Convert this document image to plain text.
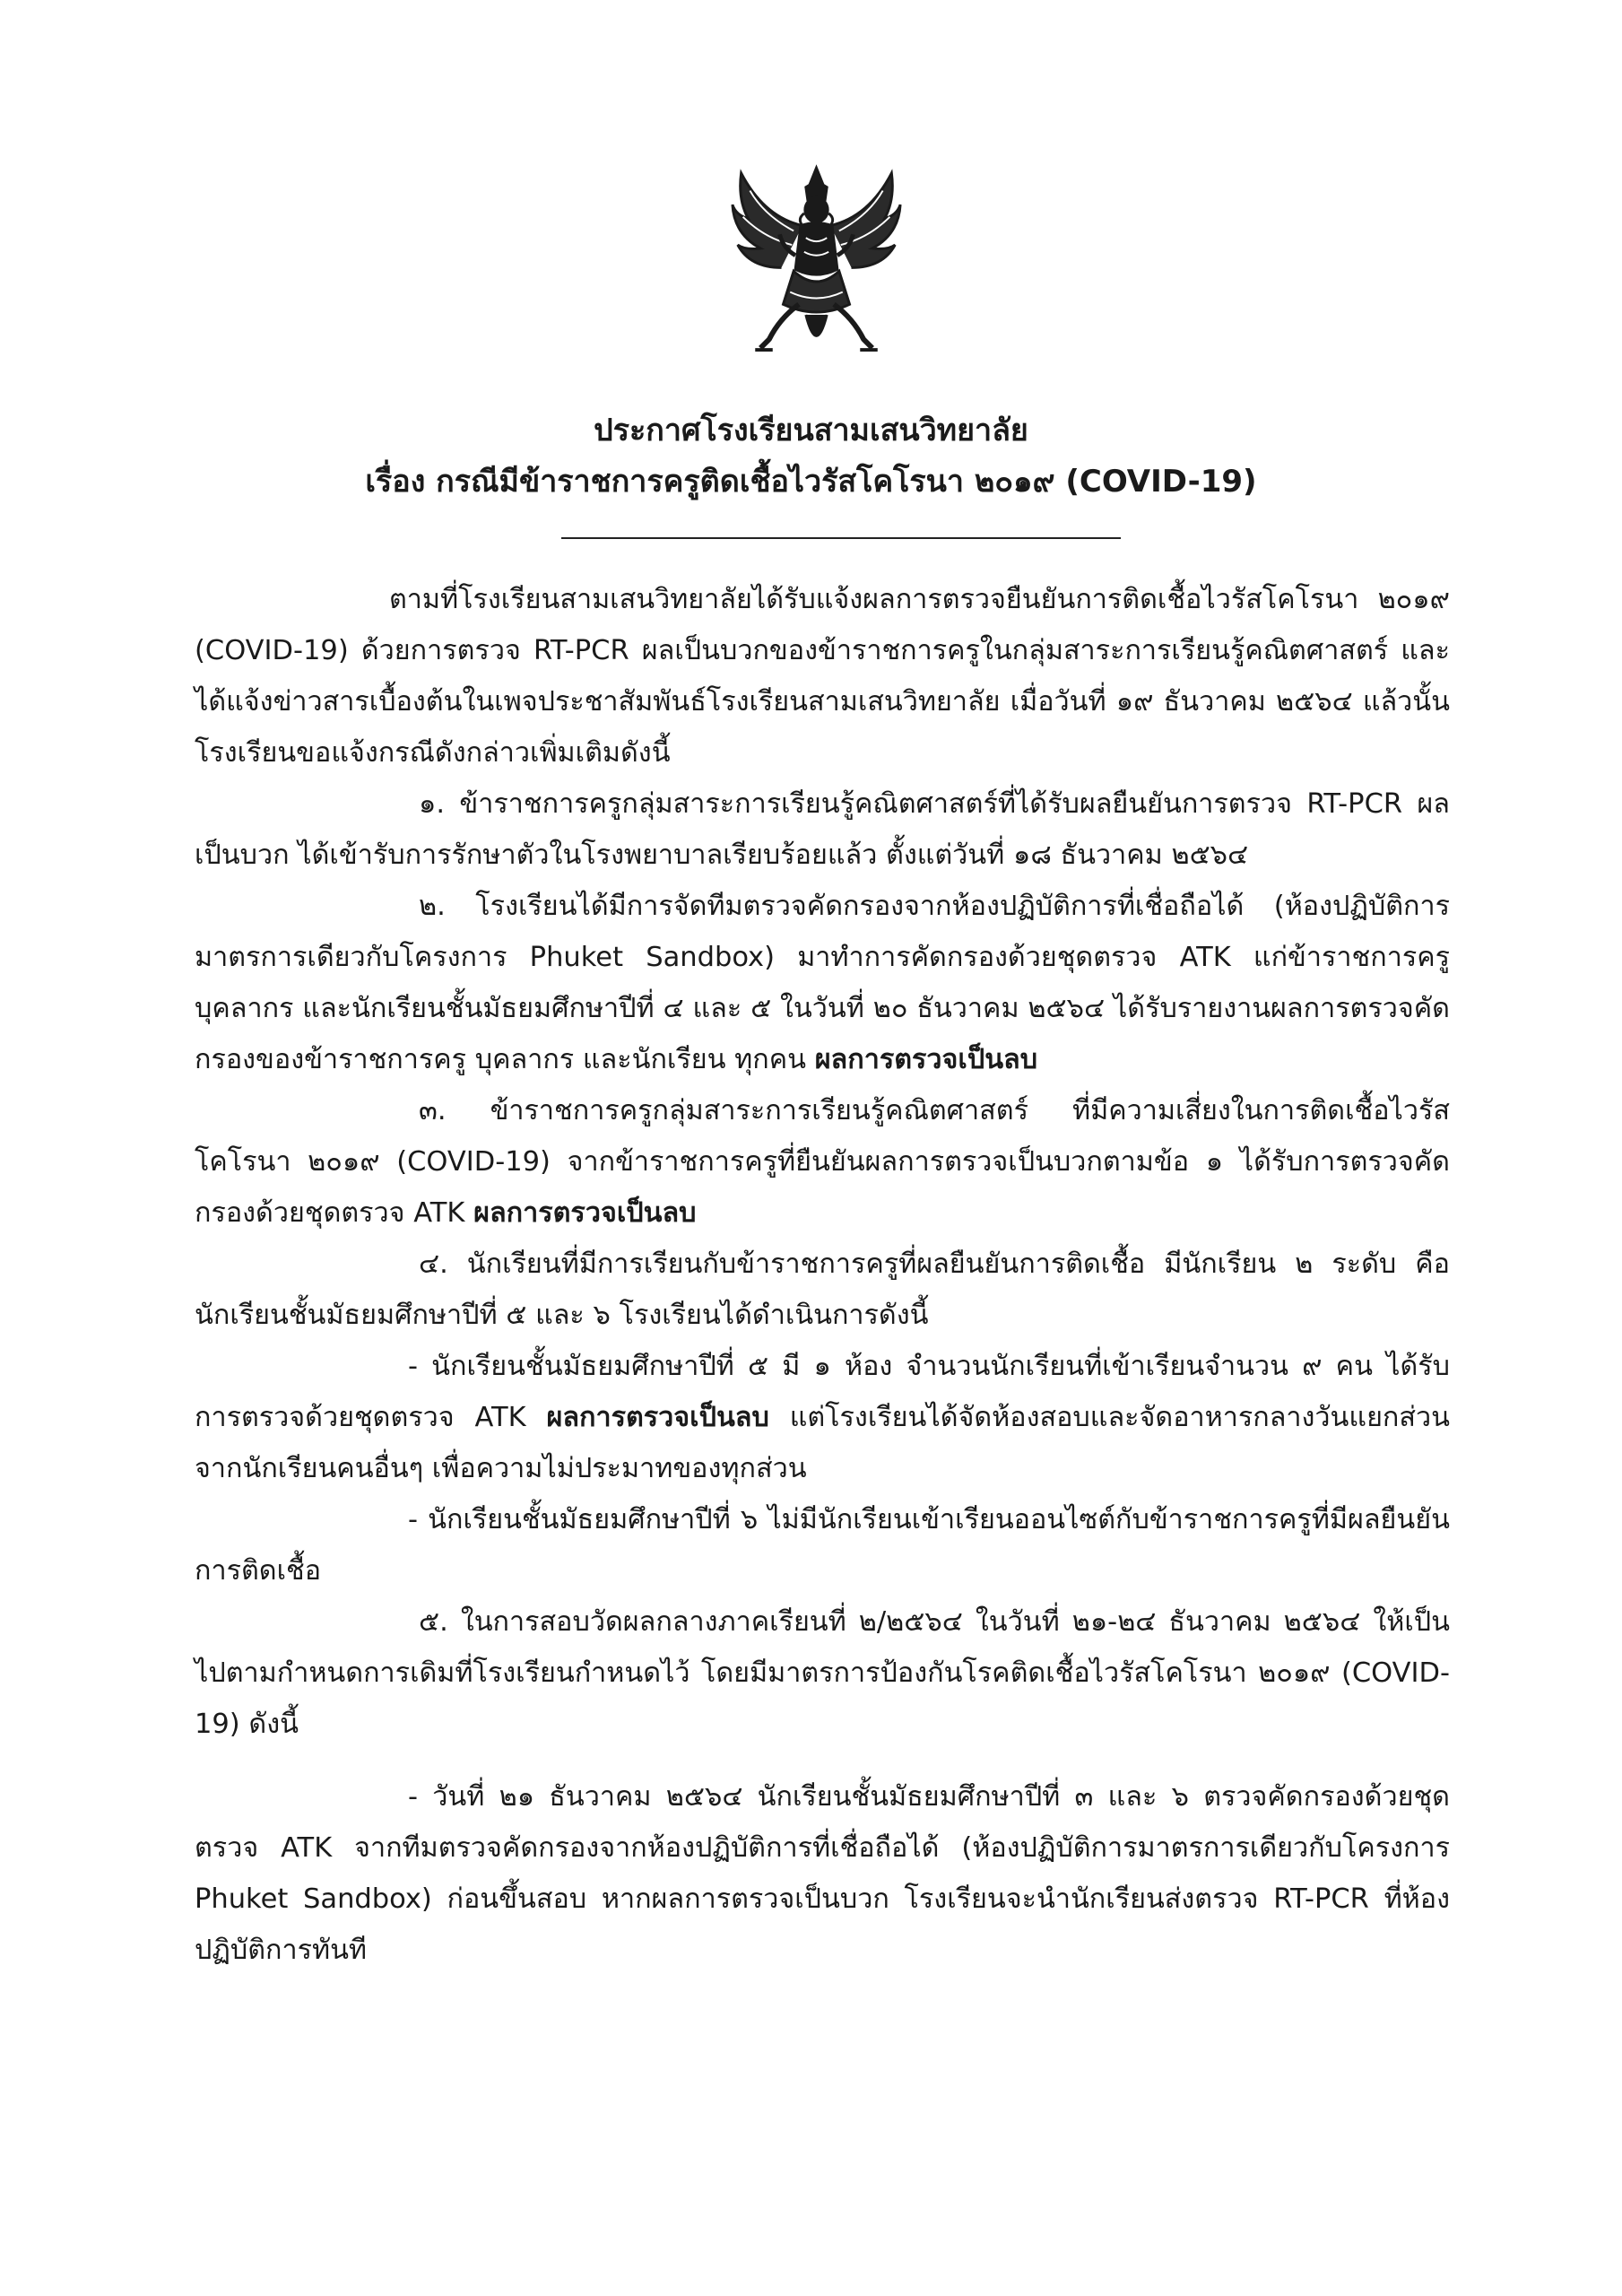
ประกาศโรงเรียนสามเสนวิทยาลัย
เรื่อง กรณีมีข้าราชการครูติดเชื้อไวรัสโคโรนา ๒๐๑๙ (COVID-19)

ตามที่โรงเรียนสามเสนวิทยาลัยได้รับแจ้งผลการตรวจยืนยันการติดเชื้อไวรัสโคโรนา ๒๐๑๙ (COVID-19) ด้วยการตรวจ RT-PCR ผลเป็นบวกของข้าราชการครูในกลุ่มสาระการเรียนรู้คณิตศาสตร์ และได้แจ้งข่าวสารเบื้องต้นในเพจประชาสัมพันธ์โรงเรียนสามเสนวิทยาลัย เมื่อวันที่ ๑๙ ธันวาคม ๒๕๖๔ แล้วนั้น โรงเรียนขอแจ้งกรณีดังกล่าวเพิ่มเติมดังนี้

๑. ข้าราชการครูกลุ่มสาระการเรียนรู้คณิตศาสตร์ที่ได้รับผลยืนยันการตรวจ RT-PCR ผลเป็นบวก ได้เข้ารับการรักษาตัวในโรงพยาบาลเรียบร้อยแล้ว ตั้งแต่วันที่ ๑๘ ธันวาคม ๒๕๖๔

๒. โรงเรียนได้มีการจัดทีมตรวจคัดกรองจากห้องปฏิบัติการที่เชื่อถือได้ (ห้องปฏิบัติการมาตรการเดียวกับโครงการ Phuket Sandbox) มาทำการคัดกรองด้วยชุดตรวจ ATK แก่ข้าราชการครู บุคลากร และนักเรียนชั้นมัธยมศึกษาปีที่ ๔ และ ๕ ในวันที่ ๒๐ ธันวาคม ๒๕๖๔ ได้รับรายงานผลการตรวจคัดกรองของข้าราชการครู บุคลากร และนักเรียน ทุกคน ผลการตรวจเป็นลบ

๓. ข้าราชการครูกลุ่มสาระการเรียนรู้คณิตศาสตร์ ที่มีความเสี่ยงในการติดเชื้อไวรัสโคโรนา ๒๐๑๙ (COVID-19) จากข้าราชการครูที่ยืนยันผลการตรวจเป็นบวกตามข้อ ๑ ได้รับการตรวจคัดกรองด้วยชุดตรวจ ATK ผลการตรวจเป็นลบ

๔. นักเรียนที่มีการเรียนกับข้าราชการครูที่ผลยืนยันการติดเชื้อ มีนักเรียน ๒ ระดับ คือ นักเรียนชั้นมัธยมศึกษาปีที่ ๕ และ ๖ โรงเรียนได้ดำเนินการดังนี้

- นักเรียนชั้นมัธยมศึกษาปีที่ ๕ มี ๑ ห้อง จำนวนนักเรียนที่เข้าเรียนจำนวน ๙ คน ได้รับการตรวจด้วยชุดตรวจ ATK ผลการตรวจเป็นลบ แต่โรงเรียนได้จัดห้องสอบและจัดอาหารกลางวันแยกส่วนจากนักเรียนคนอื่นๆ เพื่อความไม่ประมาทของทุกส่วน

- นักเรียนชั้นมัธยมศึกษาปีที่ ๖ ไม่มีนักเรียนเข้าเรียนออนไซต์กับข้าราชการครูที่มีผลยืนยันการติดเชื้อ

๕. ในการสอบวัดผลกลางภาคเรียนที่ ๒/๒๕๖๔ ในวันที่ ๒๑-๒๔ ธันวาคม ๒๕๖๔ ให้เป็นไปตามกำหนดการเดิมที่โรงเรียนกำหนดไว้ โดยมีมาตรการป้องกันโรคติดเชื้อไวรัสโคโรนา ๒๐๑๙ (COVID-19) ดังนี้

- วันที่ ๒๑ ธันวาคม ๒๕๖๔ นักเรียนชั้นมัธยมศึกษาปีที่ ๓ และ ๖ ตรวจคัดกรองด้วยชุดตรวจ ATK จากทีมตรวจคัดกรองจากห้องปฏิบัติการที่เชื่อถือได้ (ห้องปฏิบัติการมาตรการเดียวกับโครงการ Phuket Sandbox) ก่อนขึ้นสอบ หากผลการตรวจเป็นบวก โรงเรียนจะนำนักเรียนส่งตรวจ RT-PCR ที่ห้องปฏิบัติการทันที
